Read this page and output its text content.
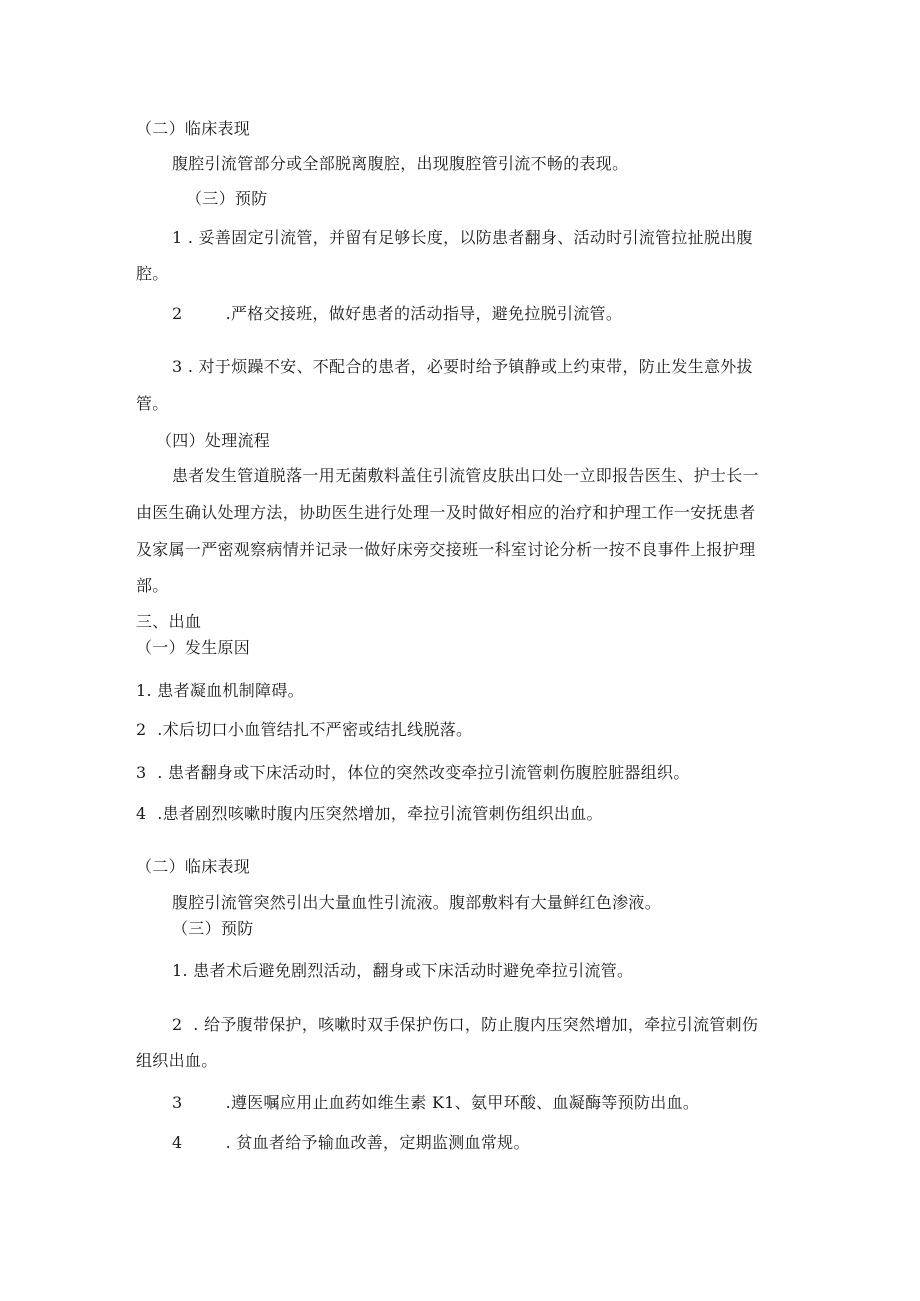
（二）临床表现
腹腔引流管部分或全部脱离腹腔，出现腹腔管引流不畅的表现。
（三）预防
1 . 妥善固定引流管，并留有足够长度，以防患者翻身、活动时引流管拉扯脱出腹
腔。
2        .严格交接班，做好患者的活动指导，避免拉脱引流管。
3 . 对于烦躁不安、不配合的患者，必要时给予镇静或上约束带，防止发生意外拔
管。
（四）处理流程
患者发生管道脱落一用无菌敷料盖住引流管皮肤出口处一立即报告医生、护士长一
由医生确认处理方法，协助医生进行处理一及时做好相应的治疗和护理工作一安抚患者
及家属一严密观察病情并记录一做好床旁交接班一科室讨论分析一按不良事件上报护理
部。
三、出血
（一）发生原因
1. 患者凝血机制障碍。
2  .术后切口小血管结扎不严密或结扎线脱落。
3  . 患者翻身或下床活动时，体位的突然改变牵拉引流管刺伤腹腔脏器组织。
4  .患者剧烈咳嗽时腹内压突然增加，牵拉引流管刺伤组织出血。
（二）临床表现
腹腔引流管突然引出大量血性引流液。腹部敷料有大量鲜红色渗液。
（三）预防
1. 患者术后避免剧烈活动，翻身或下床活动时避免牵拉引流管。
2  . 给予腹带保护，咳嗽时双手保护伤口，防止腹内压突然增加，牵拉引流管刺伤
组织出血。
3        .遵医嘱应用止血药如维生素 K1、氨甲环酸、血凝酶等预防出血。
4        . 贫血者给予输血改善，定期监测血常规。
